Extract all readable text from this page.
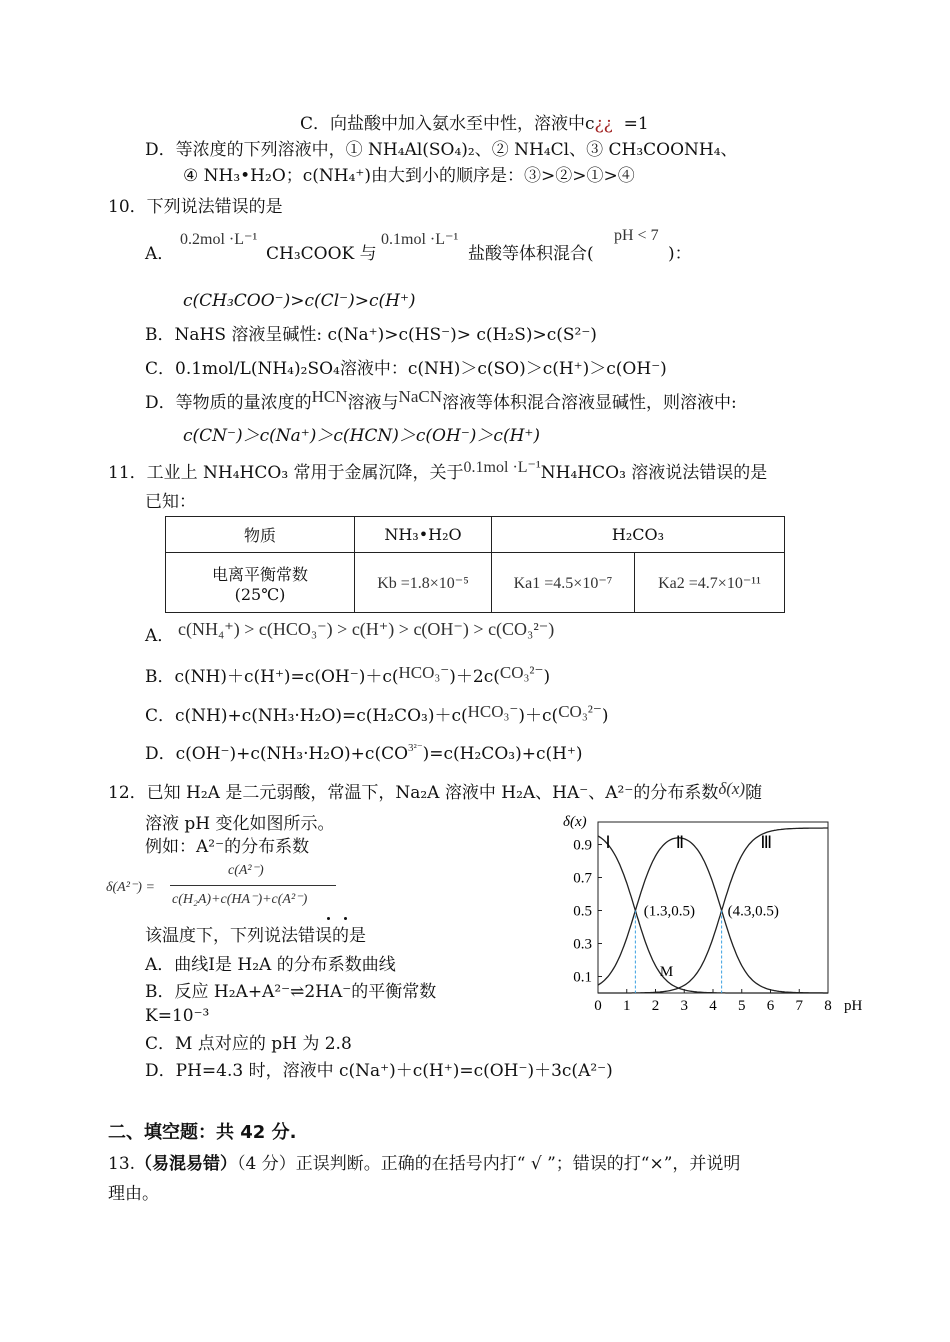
C．向盐酸中加入氨水至中性，溶液中c¿¿ =1
D．等浓度的下列溶液中，① NH₄Al(SO₄)₂、② NH₄Cl、③ CH₃COONH₄、
④ NH₃•H₂O；c(NH₄⁺)由大到小的顺序是：③>②>①>④
10．下列说法错误的是
A．
0.2mol ·L⁻¹
CH₃COOK 与
0.1mol ·L⁻¹
盐酸等体积混合(
pH < 7
)：
c(CH₃COO⁻)>c(Cl⁻)>c(H⁺)
B．NaHS 溶液呈碱性: c(Na⁺)>c(HS⁻)> c(H₂S)>c(S²⁻)
C．0.1mol/L(NH₄)₂SO₄溶液中：c(NH)＞c(SO)＞c(H⁺)＞c(OH⁻)
D．等物质的量浓度的HCN溶液与NaCN溶液等体积混合溶液显碱性，则溶液中:
c(CN⁻)＞c(Na⁺)＞c(HCN)＞c(OH⁻)＞c(H⁺)
11．工业上 NH₄HCO₃ 常用于金属沉降，关于0.1mol ·L⁻¹NH₄HCO₃ 溶液说法错误的是
已知：
物质	NH₃•H₂O	H₂CO₃	

电离平衡常数
(25℃)	Kb =1.8×10⁻⁵	Ka1 =4.5×10⁻⁷	Ka2 =4.7×10⁻¹¹
A． c(NH₄⁺) > c(HCO₃⁻) > c(H⁺) > c(OH⁻) > c(CO₃²⁻)
B．c(NH)＋c(H⁺)=c(OH⁻)＋c(HCO₃⁻)＋2c(CO₃²⁻)
C．c(NH)+c(NH₃·H₂O)=c(H₂CO₃)＋c(HCO₃⁻)＋c(CO₃²⁻)
D．$c(OH^-)+c(NH_3\cdot H_2O)+c(CO^{3^{2-}})=c(H_2CO_3)+c(H^+)$
12．已知 H₂A 是二元弱酸，常温下，Na₂A 溶液中 H₂A、HA⁻、A²⁻的分布系数δ(x)随
溶液 pH 变化如图所示。
例如：A²⁻的分布系数
δ(A²⁻) =
c(A²⁻)
c(H₂A)+c(HA⁻)+c(A²⁻)
该温度下，下列说法错误的是
A．曲线Ⅰ是 H₂A 的分布系数曲线
B．反应 H₂A+A²⁻⇌2HA⁻的平衡常数
K=10⁻³
C．M 点对应的 pH 为 2.8
D．PH=4.3 时，溶液中 c(Na⁺)＋c(H⁺)=c(OH⁻)＋3c(A²⁻)
0 1 2 3 4 5 6 7 8
0.1
0.3
0.5
0.7
0.9
pH
δ(x)
Ⅰ	Ⅱ	Ⅲ
(1.3,0.5) (4.3,0.5)
M
二、填空题：共 42 分.
13.（易混易错）（4 分）正误判断。正确的在括号内打“ √ ”；错误的打“×”，并说明
理由。
